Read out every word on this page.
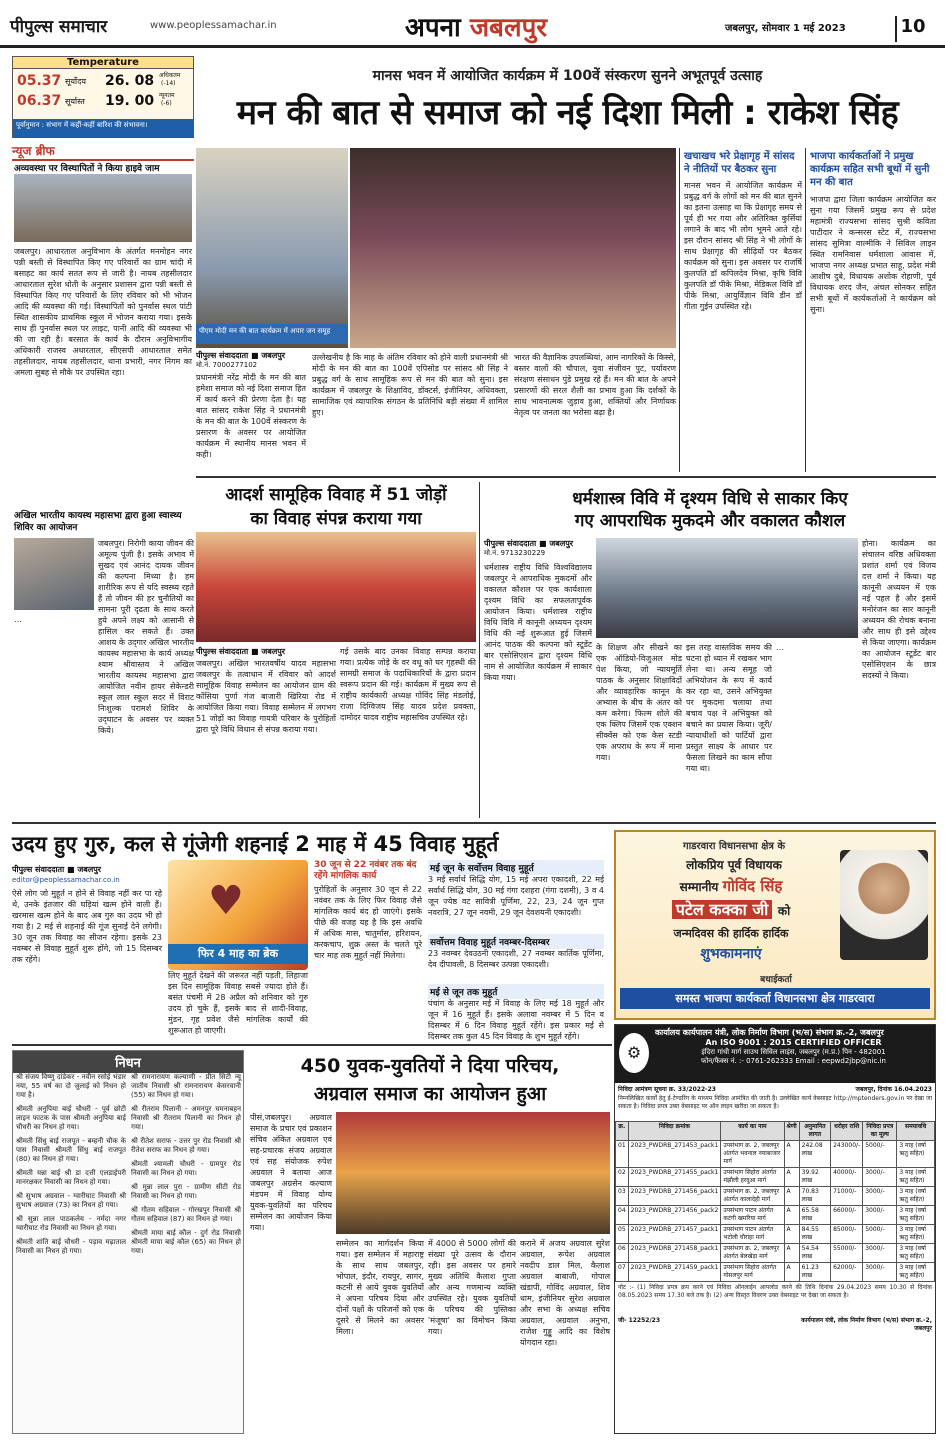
पीपुल्स समाचार	www.peoplessamachar.in	अपना जबलपुर	जबलपुर, सोमवार 1 मई 2023	10
Temperature
05.37 सूर्योदय
06.37 सूर्यास्त
26. 08 अधिकतम
(-14)
19. 00 न्यूनतम
(-6)
पूर्वानुमान : संभाग में कहीं-कहीं बारिश की संभावना।
न्यूज ब्रीफ
अव्यवस्था पर विस्थापितों ने किया हाइवे जाम
जबलपुर। आधारताल अनुविभाग के अंतर्गत मनमोहन नगर पन्नी बस्ती से विस्थापित किए गए परिवारों का ग्राम चांदी में बसाहट का कार्य सतत रूप से जारी है। नायब तहसीलदार आधारताल सुरेश धोती के अनुसार प्रशासन द्वारा पन्नी बस्ती से विस्थापित किए गए परिवारों के लिए रविवार को भी भोजन आदि की व्यवस्था की गई। विस्थापितों को पुनर्वास स्थल पांटी स्थित शासकीय प्राथमिक स्कूल में भोजन कराया गया। इसके साथ ही पुनर्वास स्थल पर लाइट, पानी आदि की व्यवस्था भी की जा रही है। बरसात के कार्य के दौरान अनुविभागीय अधिकारी राजस्व अधारताल, सीएसपी आधारताल समेत तहसीलदार, नायब तहसीलदार, थाना प्रभारी, नगर निगम का अमला सुबह से मौके पर उपस्थित रहा।
अखिल भारतीय कायस्थ महासभा द्वारा हुआ स्वास्थ्य शिविर का आयोजन
जबलपुर। निरोगी काया जीवन की अमूल्य पूंजी है। इसके अभाव में सुखद एवं आनंद दायक जीवन की कल्पना मिथ्या है। हम शारीरिक रूप से यदि स्वस्थ्य रहते हैं तो जीवन की हर चुनौतियों का सामना पूरी दृढता के साथ करते हुये अपने लक्ष्य को आसानी से हासिल कर सकते हैं। उक्त आशय के उद्‌गार अखिल भारतीय कायस्थ महासभा के कार्य अध्यक्ष श्याम श्रीवास्तव ने अखिल भारतीय कायस्थ महासभा द्वारा आयोजित नवीन हायर सेकेन्डरी स्कूल लाल स्कूल सदर में विराट निःशुल्क परामर्श शिविर के उद्‌घाटन के अवसर पर व्यक्त किये।
…
मानस भवन में आयोजित कार्यक्रम में 100वें संस्करण सुनने अभूतपूर्व उत्साह
मन की बात से समाज को नई दिशा मिली : राकेश सिंह
पीएम मोदी मन की बात कार्यक्रम में अपार जन समूह
पीपुल्स संवाददाता ■ जबलपुर
मो.नं. 7000277102
प्रधानमंत्री नरेंद्र मोदी के मन की बात हमेशा समाज को नई दिशा समाज हित में कार्य करने की प्रेरणा देता है। यह बात सांसद राकेश सिंह ने प्रधानमंत्री के मन की बात के 100वें संस्करण के प्रसारण के अवसर पर आयोजित कार्यक्रम में स्थानीय मानस भवन में कही।
उल्लेखनीय है कि माह के अंतिम रविवार को होने वाली प्रधानमंत्री श्री मोदी के मन की बात का 100वें एपिसोड पर सांसद श्री सिंह ने प्रबुद्ध वर्ग के साथ सामूहिक रूप से मन की बात को सुना। इस कार्यक्रम में जबलपुर के शिक्षाविद, डॉक्टर्स, इंजीनियर, अधिवक्ता, सामाजिक एवं व्यापारिक संगठन के प्रतिनिधि बड़ी संख्या में शामिल हुए।
भारत की वैज्ञानिक उपलब्धियां, आम नागरिकों के किस्से, बस्तर वालों की चौपाल, युवा संजीवन पुट, पर्यावरण संरक्षण संसाधन पुंडे प्रमुख रहे हैं। मन की बात के अपने प्रसारणों की सरल शैली का प्रभाव हुआ कि दर्शकों के साथ भावनात्मक जुड़ाव हुआ, शक्तियों और निर्णायक नेतृत्व पर जनता का भरोसा बढ़ा है।
खचाखच भरे प्रेक्षागृह में सांसद ने नीतियों पर बैठकर सुना
मानस भवन में आयोजित कार्यक्रम में प्रबुद्ध वर्ग के लोगों को मन की बात सुनने का इतना उत्साह था कि प्रेक्षागृह समय से पूर्व ही भर गया और अतिरिक्त कुर्सियां लगाने के बाद भी लोग भूमने आते रहे। इस दौरान सांसद श्री सिंह ने भी लोगों के साथ प्रेक्षागृह की सीढ़ियों पर बैठकर कार्यक्रम को सुना। इस अवसर पर राजर्षि कुलपति डॉ कपिलदेव मिश्रा, कृषि विवि कुलपति डॉ पीके मिश्रा, मेडिकल विवि डॉ पीके मिश्रा, आयुर्विज्ञान विवि डीन डॉ गीता गुईन उपस्थित रहे।
भाजपा कार्यकर्ताओं ने प्रमुख कार्यक्रम सहित सभी बूथों में सुनी मन की बात
भाजपा द्वारा जिला कार्यक्रम आयोजित कर सुना गया जिसमें प्रमुख रूप से प्रदेश महामंत्री राज्यसभा सांसद सुश्री कविता पाटीदार ने कन्सरस स्टेट में, राज्यसभा सांसद सुमित्रा वाल्मीकि ने सिविल लाइन स्थित रामनिवास धर्मशाला आवास में, भाजपा नगर अध्यक्ष प्रभात साहू, प्रदेश मंत्री आशीष दुबे, विधायक अशोक रोहाणी, पूर्व विधायक शरद जैन, अंचल सोनकर सहित सभी बूथों में कार्यकर्ताओं ने कार्यक्रम को सुना।
आदर्श सामूहिक विवाह में 51 जोड़ों
का विवाह संपन्न कराया गया
पीपुल्स संवाददाता ■ जबलपुर
जबलपुर। अखिल भारतवर्षीय यादव महासभा जबलपुर के तत्वाधान में रविवार को आदर्श सामूहिक विवाह सम्मेलन का आयोजन ग्राम की कोंसिया पुर्णा गंज बाजारी खिरिया रोड में आयोजित किया गया। विवाह सम्मेलन में लगभग 51 जोड़ों का विवाह गायत्री परिवार के पुरोहितों द्वारा पूरे विधि विधान से संपन्न कराया गया।
गई उसके बाद उनका विवाह सम्पन्न कराया गया। प्रत्येक जोड़े के वर वधू को घर गृहस्थी की सामग्री समाज के पदाधिकारियों के द्वारा प्रदान स्वरूप प्रदान की गई। कार्यक्रम में मुख्य रूप से राष्ट्रीय कार्यकारी अध्यक्ष गोविंद सिंह मंडलोई, राजा दिग्विजय सिंह यादव प्रदेश प्रवक्ता, दामोदर यादव राष्ट्रीय महासचिव उपस्थित रहे।
धर्मशास्त्र विवि में दृश्यम विधि से साकार किए
गए आपराधिक मुकदमे और वकालत कौशल
पीपुल्स संवाददाता ■ जबलपुर
मो.नं. 9713230229
धर्मशास्त्र राष्ट्रीय विधि विश्वविद्यालय जबलपुर ने आपराधिक मुकदमों और वकालत कौशल पर एक कार्यशाला दृश्यम विधि का सफलतापूर्वक आयोजन किया। धर्मशास्त्र राष्ट्रीय विधि विवि में कानूनी अध्ययन दृश्यम विधि की नई शुरूआत हुई जिसमें आनंद पाठक की कल्पना को स्टूडेंट बार एसोसिएशन द्वारा दृश्यम विधि नाम से आयोजित कार्यक्रम में साकार किया गया।
के शिक्षण और सीखने का एक ऑडियो-विजुअल मोड पेश किया, जो न्यायमूर्ति पाठक के अनुसार शिक्षाविदों और व्यावहारिक कानून के अभ्यास के बीच के अंतर को कम करेगा। फिल्म शोले की एक क्लिप जिसमें एक एक्शन सीक्वेंस को एक केस स्टडी एक अपराध के रूप में माना गया।
इस तरह वास्तविक समय की घटना हो ध्यान में रखकर भाग लेना था। अन्य समूह जो अभियोजन के रूप में कार्य कर रहा था, उसने अभियुक्त पर मुकदमा चलाया तथा बचाव पक्ष ने अभियुक्त को बचाने का प्रयास किया। जूरी/न्यायाधीशों को पार्टियों द्वारा प्रस्तुत साक्ष्य के आधार पर फैसला लिखने का काम सौंपा गया था।
होना। कार्यक्रम का संचालन वरिष्ठ अधिवक्ता प्रशांत शर्मा एवं विजय दत्त शर्मा ने किया। यह कानूनी अध्ययन में एक नई पहल है और इसमें मनोरंजन का सार कानूनी अध्ययन की रोचक बनाना और साथ ही इसे उद्देश्य से किया जाएगा। कार्यक्रम का आयोजन स्टूडेंट बार एसोसिएशन के छात्र सदस्यों ने किया।
…
उदय हुए गुरु, कल से गूंजेगी शहनाई 2 माह में 45 विवाह मुहूर्त
पीपुल्स संवाददाता ■ जबलपुर
editor@peoplessamachar.co.in
ऐसे लोग जो मुहूर्त न होने से विवाह नहीं कर पा रहे थे, उनके इंतजार की घड़ियां खत्म होने वाली हैं। खरमास खत्म होने के बाद अब गुरु का उदय भी हो गया है। 2 मई से शहनाई की गूंज सुनाई देने लगेगी। 30 जून तक विवाह का सीजन रहेगा। इसके 23 नवम्बर से विवाह मुहूर्त शुरू होंगे, जो 15 दिसम्बर तक रहेंगे।
♥
फिर 4 माह का ब्रेक
लिए मुहूर्त देखने की जरूरत नहीं पड़ती, लिहाजा इस दिन सामूहिक विवाह सबसे ज्यादा होते हैं। बसंत पंचमी में 28 अप्रैल को शनिवार को गुरु उदय हो चुके हैं, इसके बाद से शादी-विवाह, मुंडन, गृह प्रवेश जैसे मांगलिक कार्यों की शुरूआत हो जाएगी।
30 जून से 22 नवंबर तक बंद रहेंगे मांगलिक कार्य
पुरोहितों के अनुसार 30 जून से 22 नवंबर तक के लिए फिर विवाह जैसे मांगलिक कार्य बंद हो जाएंगे। इसके पीछे की वजह यह है कि इस अवधि में अधिक मास, चातुर्मास, हरिशयन, करकचाप, शुक्र अस्त के चलते पूरे चार माह तक मुहूर्त नहीं मिलेगा।
मई जून के सर्वोत्तम विवाह मुहूर्त
3 मई सर्वार्थ सिद्धि योग, 15 मई अपरा एकादशी, 22 मई सर्वार्थ सिद्धि योग, 30 मई गंगा दशहरा (गंगा दशमी), 3 व 4 जून ज्येष्ठ वट सावित्री पूर्णिमा, 22, 23, 24 जून गुप्त नवरात्रि, 27 जून नवमी, 29 जून देवशयनी एकादशी।
सर्वोत्तम विवाह मुहूर्त नवम्बर-दिसम्बर
23 नवम्बर देवउठनी एकादशी, 27 नवम्बर कार्तिक पूर्णिमा, देव दीपावली, 8 दिसम्बर उत्पन्ना एकादशी।
मई से जून तक मुहूर्त
पंचांग के अनुसार मई में विवाह के लिए मई 18 मुहूर्त और जून में 16 मुहूर्त हैं। इसके अलावा नवम्बर में 5 दिन व दिसम्बर में 6 दिन विवाह मुहूर्त रहेंगे। इस प्रकार मई से दिसम्बर तक कुल 45 दिन विवाह के शुभ मुहूर्त रहेंगे।
गाडरवारा विधानसभा क्षेत्र के
लोकप्रिय पूर्व विधायक
सम्मानीय गोविंद सिंह
पटेल कक्का जी को
जन्मदिवस की हार्दिक हार्दिक
शुभकामनाएं
बधाईकर्ता
समस्त भाजपा कार्यकर्ता विधानसभा क्षेत्र गाडरवारा
निधन
श्री संजय विष्णु दांडेकर - नवीन रसोई भंडार नया, 55 वर्ष का दो जुलाई को निधन हो गया है।
श्रीमती अनुपिया बाई चौधरी - पूर्व छोटी लाइन फाटक के पास श्रीमती अनुपिया बाई चौधरी का निधन हो गया।
श्रीमती सिंधु बाई राजपूत - बम्हनी चौक के पास निवासी श्रीमती सिंधु बाई राजपूत (80) का निधन हो गया।
श्रीमती यन्ना बाई श्री डा दत्ती एलडाईपरी मानरक्षकर निवासी का निधन हो गया।
श्री सुभाष अग्रवाल - ग्वारीघाट निवासी श्री सुभाष अग्रवाल (73) का निधन हो गया।
श्री सुन्ना लाल पाठकलेय - नर्मदा नगर ग्वारीघाट रोड निवासी का निधन हो गया।
श्रीमती शांति बाई चौधरी - पड़ाव मढ़ाताल निवासी का निधन हो गया।
श्री रामनारायण कल्याणी - प्रीत सिटी न्यू जातीय निवासी श्री रामनारायण केसरवानी (55) का निधन हो गया।
श्री रीतराम पिलानी - अमनपुर घमनाबहन निवासी श्री रीतराम पिलानी का निधन हो गया।
श्री रीतेश सराफ - उत्तर पुर रोड निवासी श्री रीतेश सराफ का निधन हो गया।
श्रीमती श्यामली चौधरी - ग्रामपुर रोड निवासी का निधन हो गया।
श्री मुन्ना लाल पुरा - ग्रामीण सीटी रोड निवासी का निधन हो गया।
श्री गौतम सहिवाल - गोरखपुर निवासी श्री गौतम सहिवाल (87) का निधन हो गया।
श्रीमती माया बाई कौल - दुर्ग रोड निवासी श्रीमती माया बाई कौल (65) का निधन हो गया।
450 युवक-युवतियों ने दिया परिचय,
अग्रवाल समाज का आयोजन हुआ
पीसं,जबलपुर। अग्रवाल समाज के प्रचार एवं प्रकाशन संचिव अंकित अग्रवाल एवं सह-प्रचारक संजय अग्रवाल एवं सह संयोजक रुपेश अग्रवाल ने बताया आज जबलपुर अग्रसेन कल्याण मंडपम में विवाह योग्य युवक-युवतियों का परिचय सम्मेलन का आयोजन किया गया।
सम्मेलन का मार्गदर्शन किया गया। इस सम्मेलन में महाराष्ट्र के साथ साथ जबलपुर, भोपाल, इंदौर, रायपुर, सागर, कटनी से आये युवक युवतियों ने अपना परिचय दिया और दोनों पक्षों के परिजनों को एक दूसरे से मिलने का अवसर मिला।
में 4000 से 5000 लोगों की संख्या पूरे उत्सव के दौरान रही। इस अवसर पर हमारे मुख्य अतिथि कैलाश गुप्ता और अन्य गणमान्य व्यक्ति उपस्थित रहे। युवक युवतियों के परिचय की पुस्तिका 'मंजूषा' का विमोचन किया गया।
कराने में अजय अग्रवाल सुरेश अग्रवाल, रूपेश अग्रवाल नवदीप डाल मिल, कैलाश अग्रवाल बाबाजी, गोपाल खंडापी, गोविंद अग्रवाल, शिव धाम, इंजीनियर सुरेश अग्रवाल और सभा के अध्यक्ष सचिव अग्रवाल, अग्रवाल अनुभा, राजेश गुड्डू आदि का विशेष योगदान रहा।
⚙
कार्यालय कार्यपालन यंत्री, लोक निर्माण विभाग (भ/स) संभाग क्र.-2, जबलपुर
An ISO 9001 : 2015 CERTIFIED OFFICER
इंदिरा गांधी मार्ग साउथ सिविल लाइंस, जबलपुर (म.प्र.) पिन - 482001
फोन/फैक्स नं. :- 0761-262333 Email : eepwd2jbp@nic.in
निविदा आमंत्रण सूचना क्र. 33/2022-23	जबलपुर, दिनांक 16.04.2023
निम्नलिखित कार्यों हेतु ई-टेण्डरिंग के माध्यम निविदा आमंत्रित की जाती है। उल्लेखित कार्य वेबसाइट http://mptenders.gov.in पर देखा जा सकता है। निविदा प्रपत्र उक्त वेबसाइट पर ऑन लाइन खरीदा जा सकता है।
क्र.	निविदा क्रमांक	कार्य का नाम	श्रेणी	अनुमानित लागत	धरोहर राशि	निविदा प्रपत्र का मूल्य	समयावधि
01	2023_PWDRB_271453_pack1	उपसंभाग क्र. 2, जबलपुर अंतर्गत भवनाल नयाबाजार मार्ग	A	242.08 लाख	243000/-	5000/-	3 माह (वर्षा ऋतु सहित)
02	2023_PWDRB_271455_pack1	उपसंभाग सिहोरा अंतर्गत मंझौली हरदुआ मार्ग	A	39.92 लाख	40000/-	3000/-	3 माह (वर्षा ऋतु सहित)
03	2023_PWDRB_271456_pack1	उपसंभाग क्र. 2, जबलपुर अंतर्गत कालादेही मार्ग	A	70.83 लाख	71000/-	3000/-	3 माह (वर्षा ऋतु सहित)
04	2023_PWDRB_271456_pack2	उपसंभाग पाटन अंतर्गत कटंगी खमरिया मार्ग	A	65.58 लाख	66000/-	3000/-	3 माह (वर्षा ऋतु सहित)
05	2023_PWDRB_271457_pack1	उपसंभाग पाटन अंतर्गत भटोली चौराहा मार्ग	A	84.55 लाख	85000/-	5000/-	3 माह (वर्षा ऋतु सहित)
06	2023_PWDRB_271458_pack1	उपसंभाग क्र. 2, जबलपुर अंतर्गत बेलखेड़ा मार्ग	A	54.54 लाख	55000/-	3000/-	3 माह (वर्षा ऋतु सहित)
07	2023_PWDRB_271459_pack1	उपसंभाग सिहोरा अंतर्गत गोसलपुर मार्ग	A	61.23 लाख	62000/-	3000/-	3 माह (वर्षा ऋतु सहित)
नोट :- (1) निविदा प्रपत्र क्रय करने एवं निविदा ऑनलाईन आपलोड करने की तिथि दिनांक 29.04.2023 समय 10.30 से दिनांक 08.05.2023 समय 17.30 बजे तक है। (2) अन्य विस्तृत विवरण उक्त वेबसाइट पर देखा जा सकता है।
जी- 12252/23	कार्यपालन यंत्री, लोक निर्माण विभाग (भ/स) संभाग क्र.-2, जबलपुर
